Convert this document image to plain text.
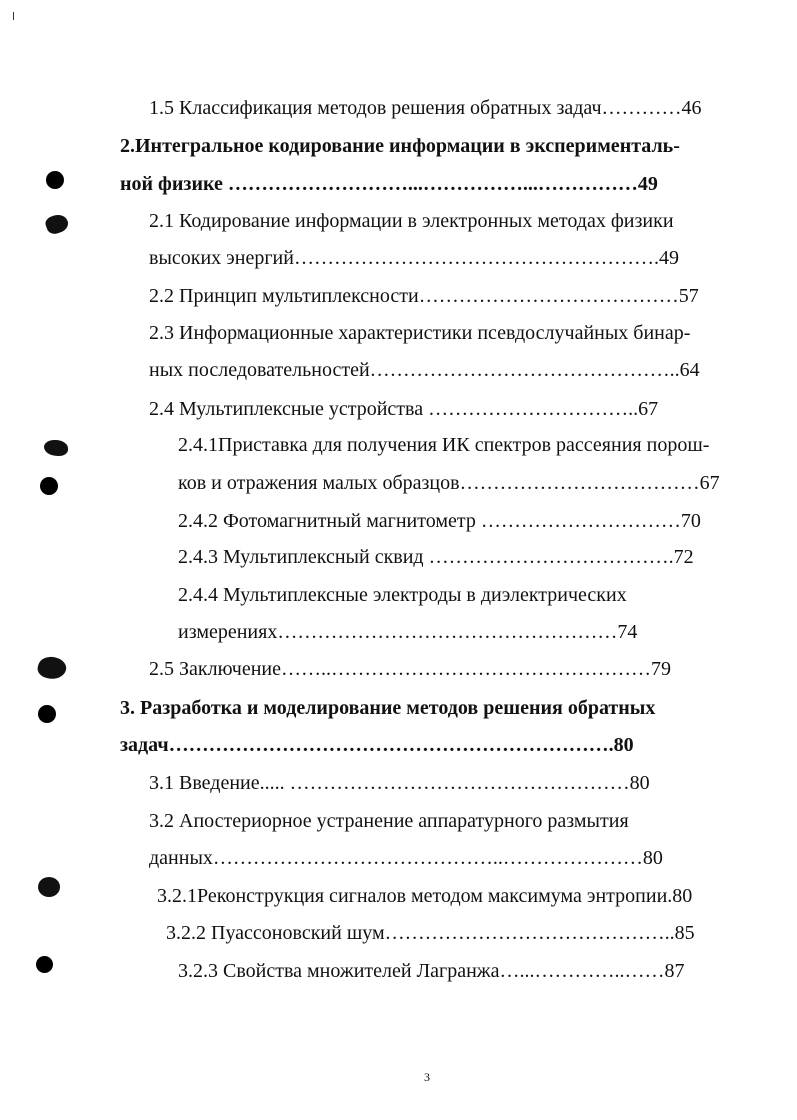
1.5 Классификация методов решения обратных задач…………46
2.Интегральное кодирование информации в эксперименталь-
ной физике ………………………...……………...……………49
2.1 Кодирование информации в электронных методах физики
высоких энергий……………………………………………….49
2.2 Принцип мультиплексности…………………………………57
2.3 Информационные характеристики псевдослучайных бинар-
ных последовательностей………………………………………..64
2.4 Мультиплексные устройства …………………………..67
2.4.1Приставка для получения ИК спектров рассеяния порош-
ков и отражения малых образцов………………………………67
2.4.2 Фотомагнитный магнитометр …………………………70
2.4.3 Мультиплексный сквид ……………………………….72
2.4.4 Мультиплексные электроды в диэлектрических
измерениях……………………………………………74
2.5 Заключение……..…………………………………………79
3. Разработка и моделирование методов решения обратных
задач………………………………………………………….80
3.1 Введение..... ……………………………………………80
3.2 Апостериорное устранение аппаратурного размытия
данных……………………………………..…………………80
3.2.1Реконструкция сигналов методом максимума энтропии.80
3.2.2 Пуассоновский шум……………………………………..85
3.2.3 Свойства множителей Лагранжа…...…………..……87
3
